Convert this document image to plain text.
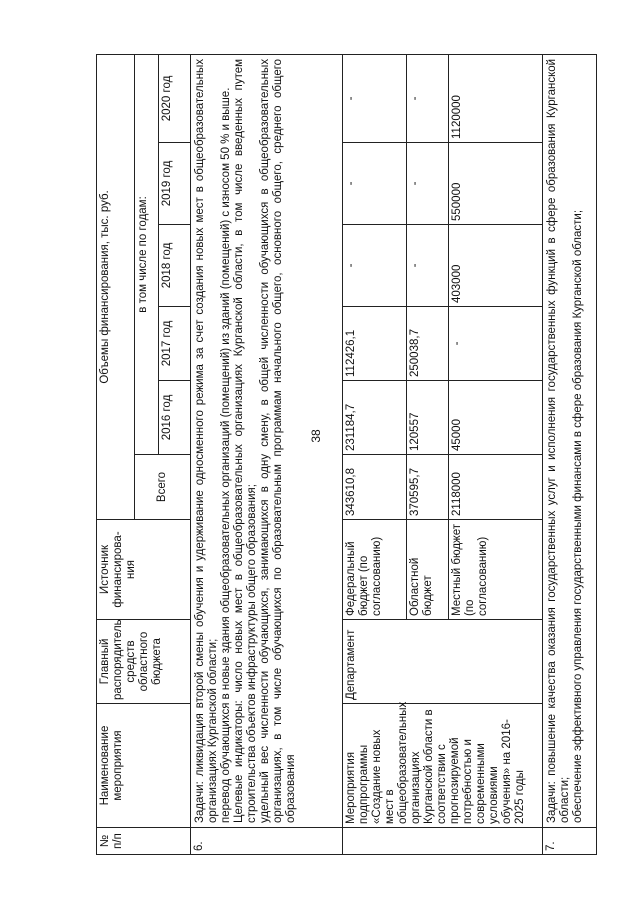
38
№ п/п	Наименование мероприятия	Главный распорядитель средств областного бюджета	Источник финансирова-ния	Объемы финансирования, тыс. руб.					
				Всего	в том числе по годам:				
					2016 год	2017 год	2018 год	2019 год	2020 год
6.	Задачи: ликвидация второй смены обучения и удерживание односменного режима за счет создания новых мест в общеобразовательных организациях Курганской области; перевод обучающихся в новые здания общеобразовательных организаций (помещений) из зданий (помещений) с износом 50 % и выше. Целевые индикаторы: число новых мест в общеобразовательных организациях Курганской области, в том числе введенных путем строительства объектов инфраструктуры общего образования; удельный вес численности обучающихся, занимающихся в одну смену, в общей численности обучающихся в общеобразовательных организациях, в том числе обучающихся по образовательным программам начального общего, основного общего, среднего общего образования								

	Мероприятия подпрограммы «Создание новых мест в общеобразовательных организациях Курганской области в соответствии с прогнозируемой потребностью и современными условиями обучения» на 2016-2025 годы	Департамент	Федеральный бюджет (по согласованию)	343610,8	231184,7	112426,1	-	-	-
			Областной бюджет	370595,7	120557	250038,7	-	-	-
			Местный бюджет (по согласованию)	2118000	45000	-	403000	550000	1120000
7.	Задачи: повышение качества оказания государственных услуг и исполнения государственных функций в сфере образования Курганской области; обеспечение эффективного управления государственными финансами в сфере образования Курганской области;								
